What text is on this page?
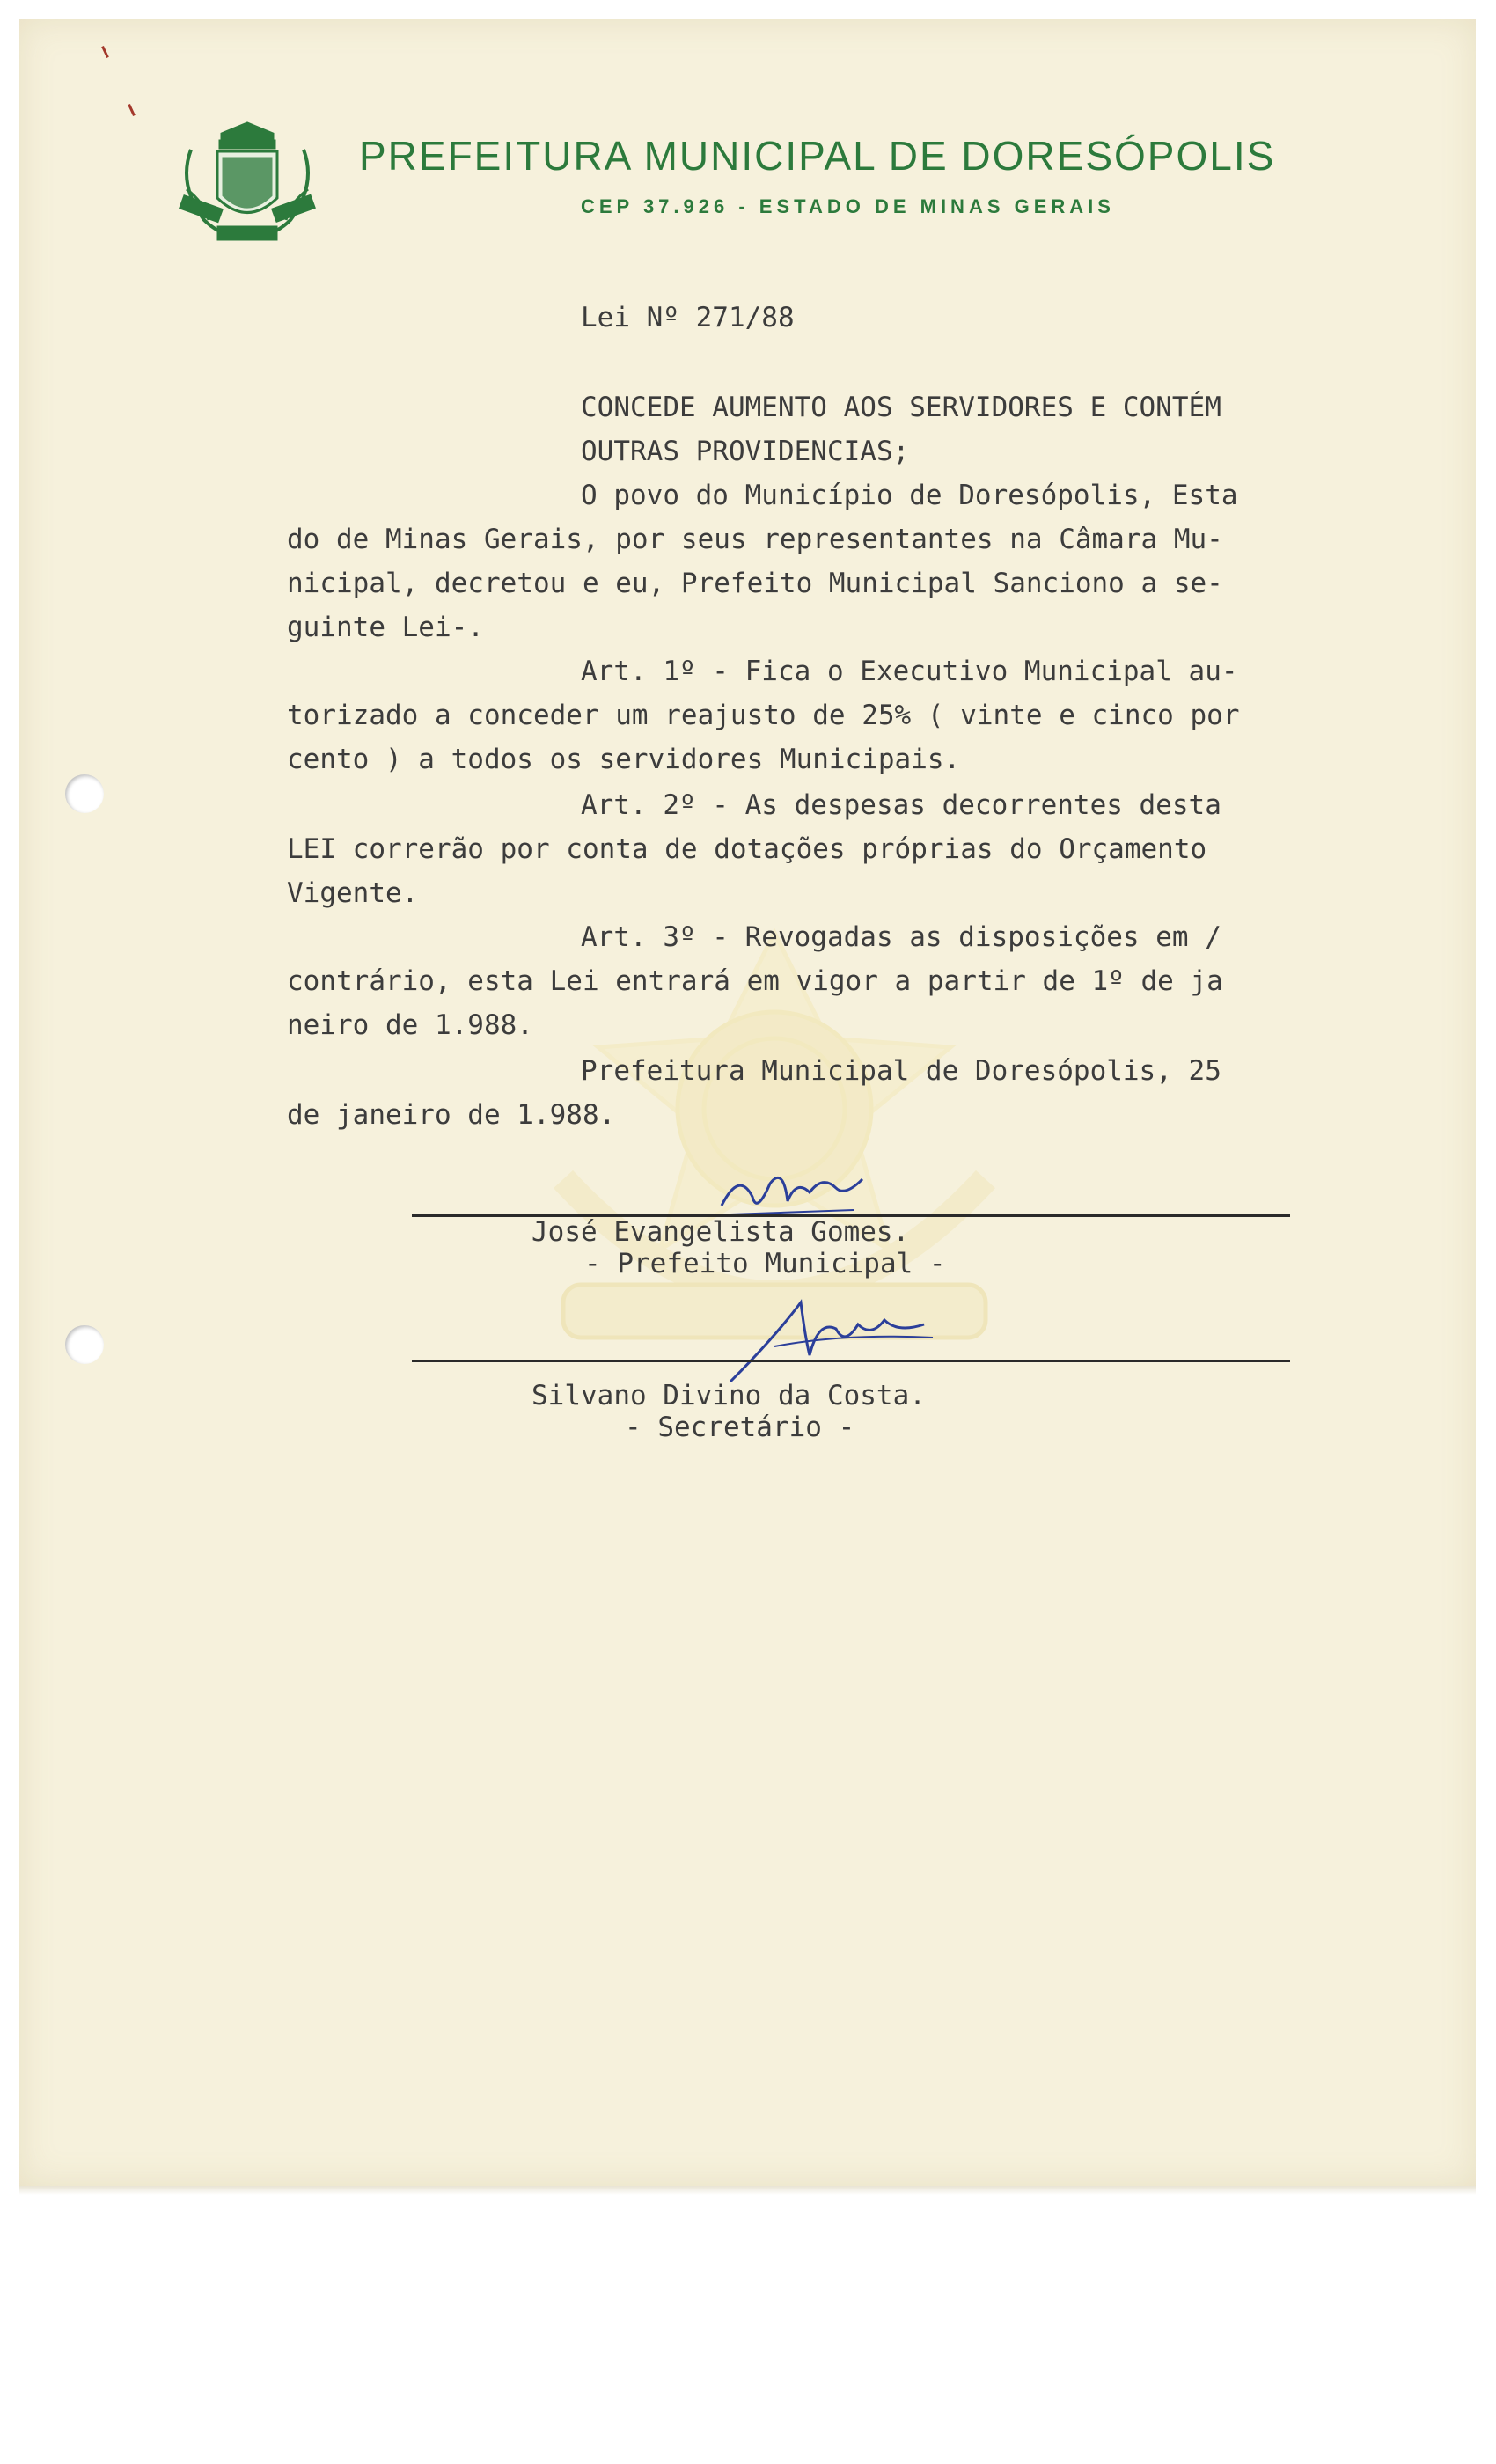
PREFEITURA MUNICIPAL DE DORESÓPOLIS
CEP 37.926 - ESTADO DE MINAS GERAIS
Lei Nº 271/88
CONCEDE AUMENTO AOS SERVIDORES E CONTÉM
OUTRAS PROVIDENCIAS;
O povo do Município de Doresópolis, Esta
do de Minas Gerais, por seus representantes na Câmara Mu-
nicipal, decretou e eu, Prefeito Municipal Sanciono a se-
guinte Lei-.
Art. 1º - Fica o Executivo Municipal au-
torizado a conceder um reajusto de 25% ( vinte e cinco por
cento ) a todos os servidores Municipais.
Art. 2º - As despesas decorrentes desta
LEI correrão por conta de dotações próprias do Orçamento
Vigente.
Art. 3º - Revogadas as disposições em /
contrário, esta Lei entrará em vigor a partir de 1º de ja
neiro de 1.988.
Prefeitura Municipal de Doresópolis, 25
de janeiro de 1.988.
José Evangelista Gomes.
- Prefeito Municipal -
Silvano Divino da Costa.
- Secretário -
